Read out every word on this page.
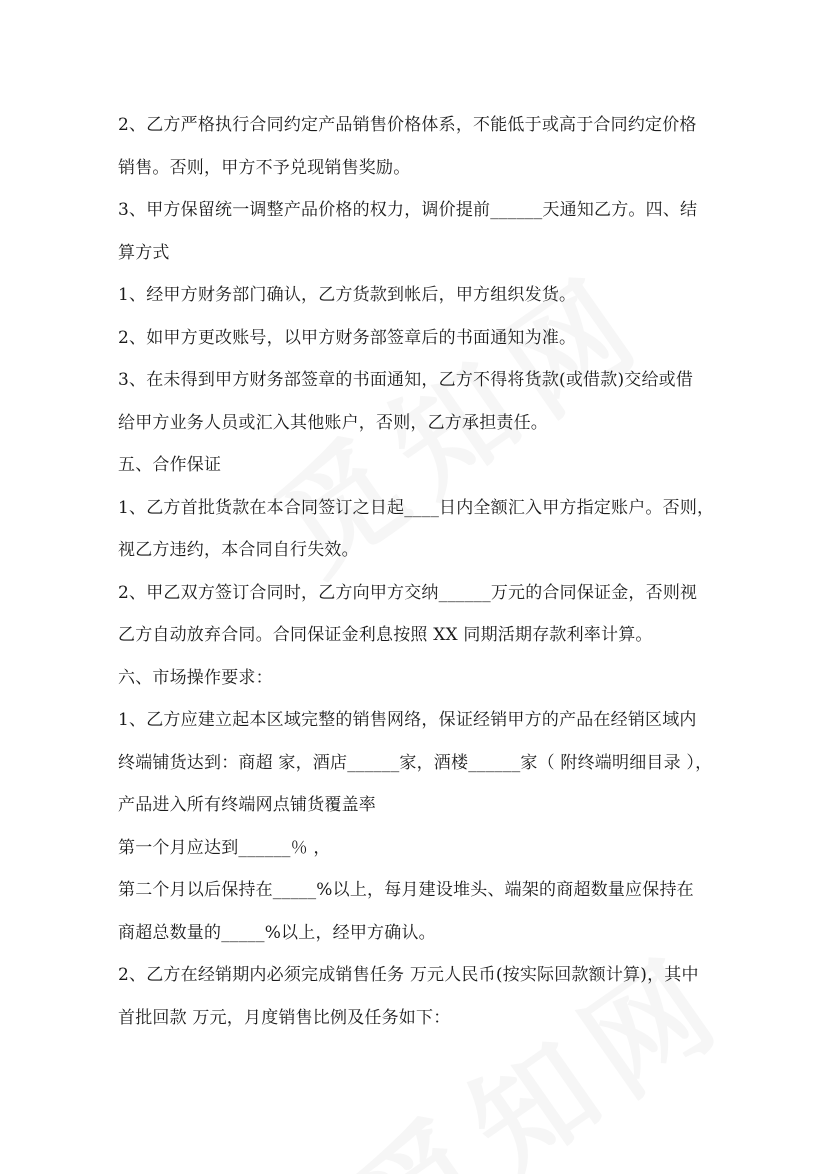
2、乙方严格执行合同约定产品销售价格体系，不能低于或高于合同约定价格
销售。否则，甲方不予兑现销售奖励。
3、甲方保留统一调整产品价格的权力，调价提前______天通知乙方。四、结
算方式
1、经甲方财务部门确认，乙方货款到帐后，甲方组织发货。
2、如甲方更改账号，以甲方财务部签章后的书面通知为准。
3、在未得到甲方财务部签章的书面通知，乙方不得将货款(或借款)交给或借
给甲方业务人员或汇入其他账户，否则，乙方承担责任。
五、合作保证
1、乙方首批货款在本合同签订之日起____日内全额汇入甲方指定账户。否则，
视乙方违约，本合同自行失效。
2、甲乙双方签订合同时，乙方向甲方交纳______万元的合同保证金，否则视
乙方自动放弃合同。合同保证金利息按照 XX 同期活期存款利率计算。
六、市场操作要求：
1、乙方应建立起本区域完整的销售网络，保证经销甲方的产品在经销区域内
终端铺货达到：商超 家，酒店______家，酒楼______家（ 附终端明细目录 ），
产品进入所有终端网点铺货覆盖率
第一个月应达到______％ ，
第二个月以后保持在_____%以上，每月建设堆头、端架的商超数量应保持在
商超总数量的_____%以上，经甲方确认。
2、乙方在经销期内必须完成销售任务 万元人民币(按实际回款额计算)，其中
首批回款 万元，月度销售比例及任务如下：
